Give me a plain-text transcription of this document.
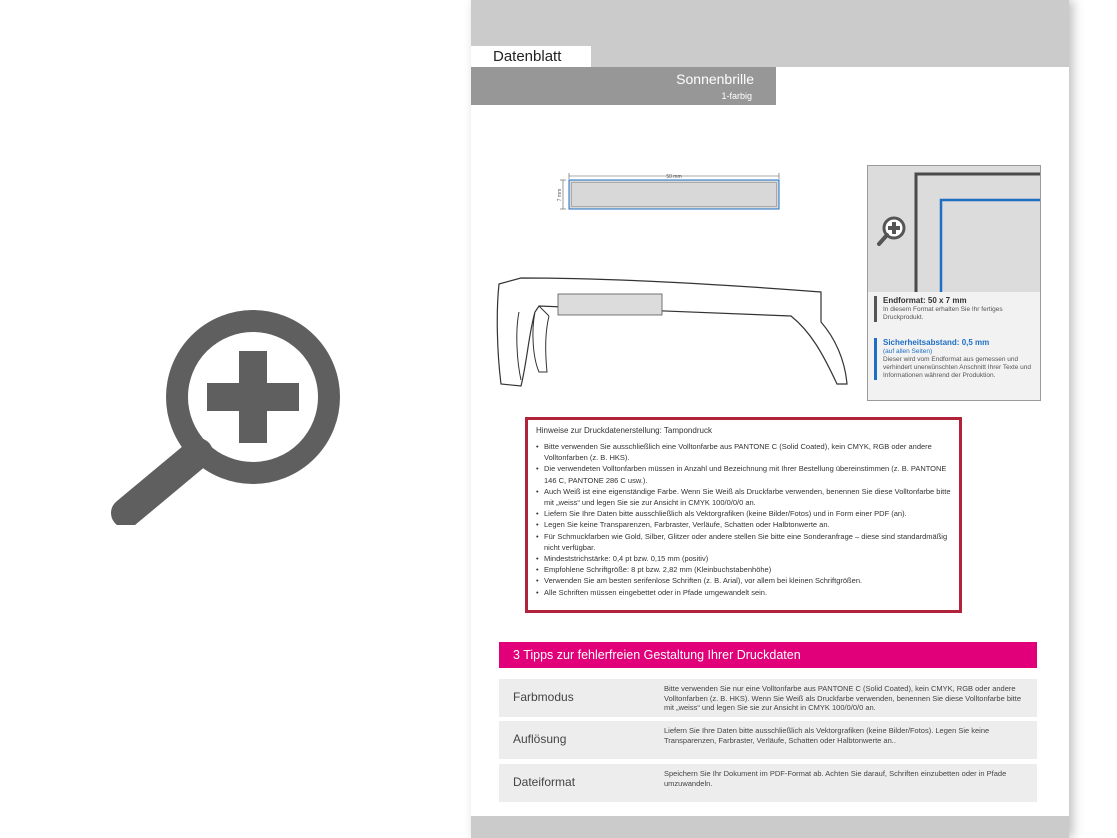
Datenblatt
Sonnenbrille
1-farbig
50 mm
7 mm
Endformat: 50 x 7 mm
In diesem Format erhalten Sie Ihr fertiges Druckprodukt.
Sicherheitsabstand: 0,5 mm
(auf allen Seiten)
Dieser wird vom Endformat aus gemessen und verhindert unerwünschten Anschnitt Ihrer Texte und Informationen während der Produktion.
Hinweise zur Druckdatenerstellung: Tampondruck
• Bitte verwenden Sie ausschließlich eine Volltonfarbe aus PANTONE C (Solid Coated), kein CMYK, RGB oder andere Volltonfarben (z. B. HKS).
• Die verwendeten Volltonfarben müssen in Anzahl und Bezeichnung mit Ihrer Bestellung übereinstimmen (z. B. PANTONE 146 C, PANTONE 286 C usw.).
• Auch Weiß ist eine eigenständige Farbe. Wenn Sie Weiß als Druckfarbe verwenden, benennen Sie diese Volltonfarbe bitte mit „weiss“ und legen Sie sie zur Ansicht in CMYK 100/0/0/0 an.
• Liefern Sie Ihre Daten bitte ausschließlich als Vektorgrafiken (keine Bilder/Fotos) und in Form einer PDF (an).
• Legen Sie keine Transparenzen, Farbraster, Verläufe, Schatten oder Halbtonwerte an.
• Für Schmuckfarben wie Gold, Silber, Glitzer oder andere stellen Sie bitte eine Sonderanfrage – diese sind standardmäßig nicht verfügbar.
• Mindeststrichstärke: 0,4 pt bzw. 0,15 mm (positiv)
• Empfohlene Schriftgröße: 8 pt bzw. 2,82 mm (Kleinbuchstabenhöhe)
• Verwenden Sie am besten serifenlose Schriften (z. B. Arial), vor allem bei kleinen Schriftgrößen.
• Alle Schriften müssen eingebettet oder in Pfade umgewandelt sein.
3 Tipps zur fehlerfreien Gestaltung Ihrer Druckdaten
Farbmodus
Bitte verwenden Sie nur eine Volltonfarbe aus PANTONE C (Solid Coated), kein CMYK, RGB oder andere Volltonfarben (z. B. HKS). Wenn Sie Weiß als Druckfarbe verwenden, benennen Sie diese Volltonfarbe bitte mit „weiss“ und legen Sie sie zur Ansicht in CMYK 100/0/0/0 an.
Auflösung
Liefern Sie Ihre Daten bitte ausschließlich als Vektorgrafiken (keine Bilder/Fotos). Legen Sie keine Transparenzen, Farbraster, Verläufe, Schatten oder Halbtonwerte an..
Dateiformat
Speichern Sie Ihr Dokument im PDF-Format ab. Achten Sie darauf, Schriften einzubetten oder in Pfade umzuwandeln.
